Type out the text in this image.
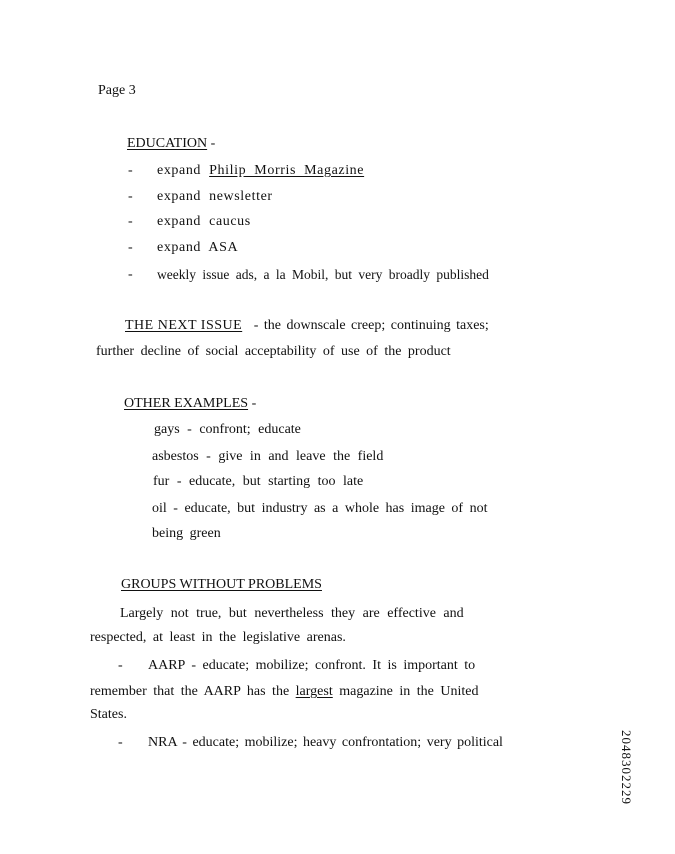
Page 3
EDUCATION -
- expand Philip Morris Magazine
- expand newsletter
- expand caucus
- expand ASA
- weekly issue ads, a la Mobil, but very broadly published
THE NEXT ISSUE - the downscale creep; continuing taxes;
further decline of social acceptability of use of the product
OTHER EXAMPLES -
gays - confront; educate
asbestos - give in and leave the field
fur - educate, but starting too late
oil - educate, but industry as a whole has image of not
being green
GROUPS WITHOUT PROBLEMS
Largely not true, but nevertheless they are effective and
respected, at least in the legislative arenas.
- AARP - educate; mobilize; confront. It is important to
remember that the AARP has the largest magazine in the United
States.
- NRA - educate; mobilize; heavy confrontation; very political	2048302229
